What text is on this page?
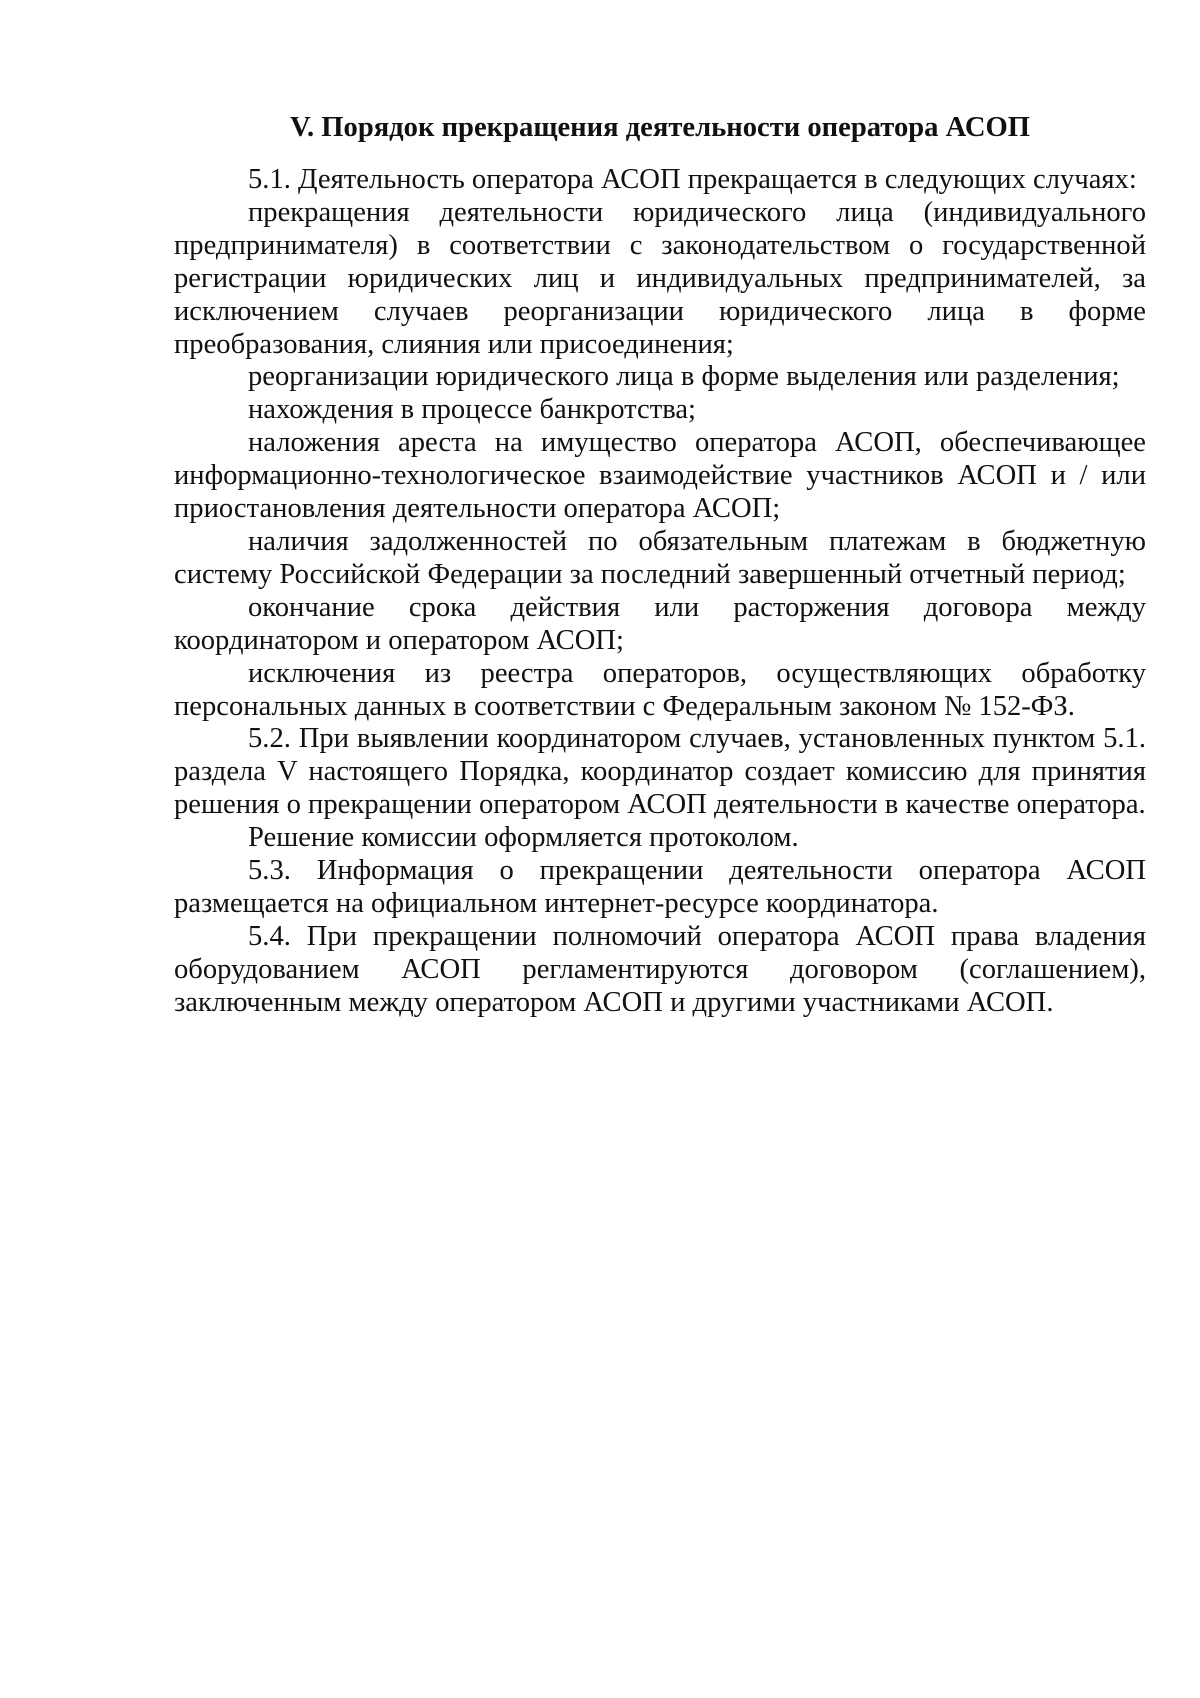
V. Порядок прекращения деятельности оператора АСОП

5.1. Деятельность оператора АСОП прекращается в следующих случаях:

прекращения деятельности юридического лица (индивидуального предпринимателя) в соответствии с законодательством о государственной регистрации юридических лиц и индивидуальных предпринимателей, за исключением случаев реорганизации юридического лица в форме преобразования, слияния или присоединения;

реорганизации юридического лица в форме выделения или разделения;

нахождения в процессе банкротства;

наложения ареста на имущество оператора АСОП, обеспечивающее информационно-технологическое взаимодействие участников АСОП и / или приостановления деятельности оператора АСОП;

наличия задолженностей по обязательным платежам в бюджетную систему Российской Федерации за последний завершенный отчетный период;

окончание срока действия или расторжения договора между координатором и оператором АСОП;

исключения из реестра операторов, осуществляющих обработку персональных данных в соответствии с Федеральным законом № 152-ФЗ.

5.2. При выявлении координатором случаев, установленных пунктом 5.1. раздела V настоящего Порядка, координатор создает комиссию для принятия решения о прекращении оператором АСОП деятельности в качестве оператора.

Решение комиссии оформляется протоколом.

5.3. Информация о прекращении деятельности оператора АСОП размещается на официальном интернет-ресурсе координатора.

5.4. При прекращении полномочий оператора АСОП права владения оборудованием АСОП регламентируются договором (соглашением), заключенным между оператором АСОП и другими участниками АСОП.
